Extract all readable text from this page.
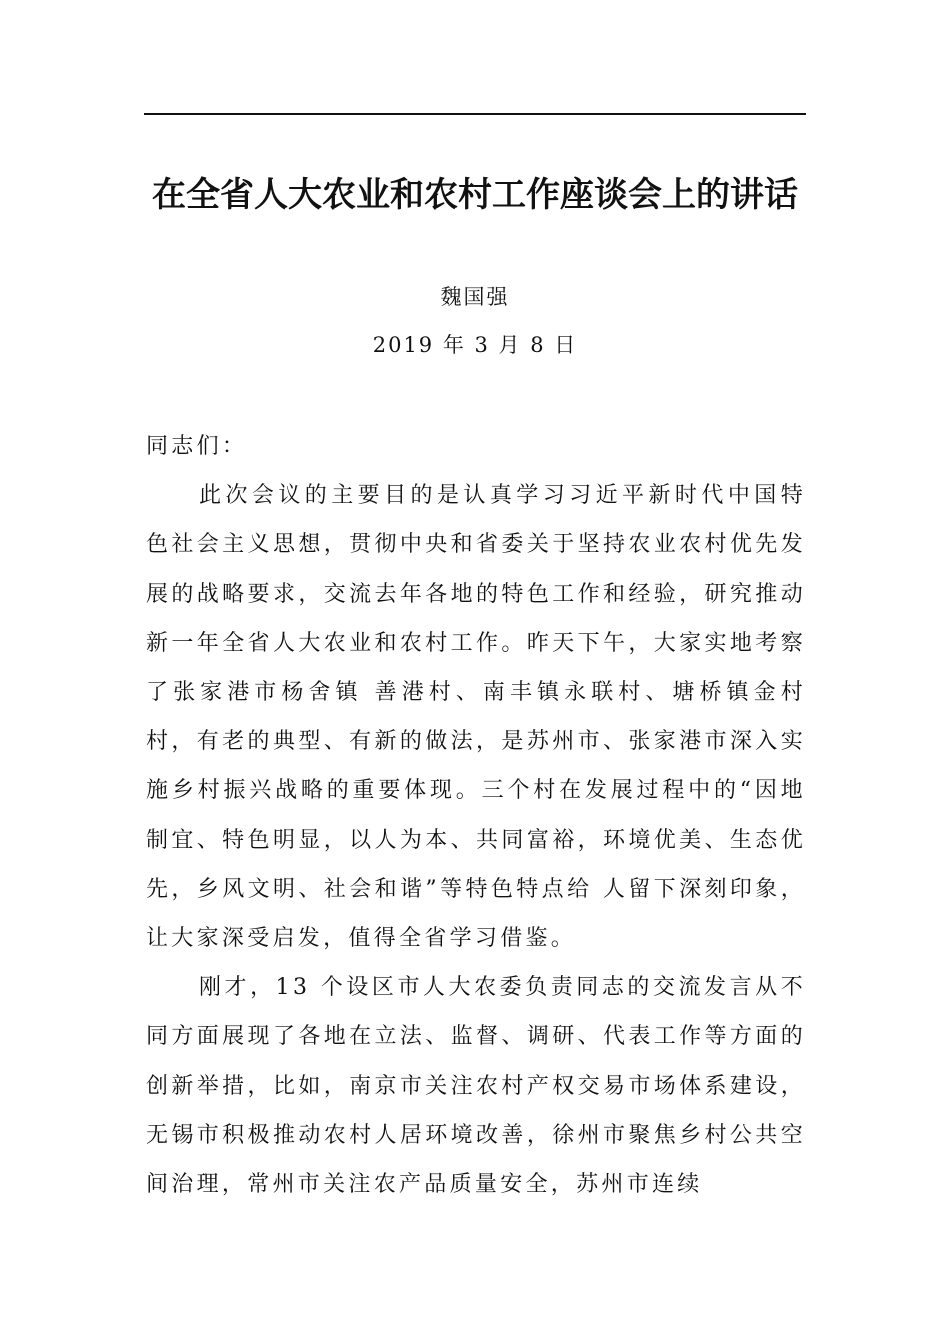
在全省人大农业和农村工作座谈会上的讲话
魏国强
2019 年 3 月 8 日

同志们：

此次会议的主要目的是认真学习习近平新时代中国特色社会主义思想，贯彻中央和省委关于坚持农业农村优先发展的战略要求，交流去年各地的特色工作和经验，研究推动新一年全省人大农业和农村工作。昨天下午，大家实地考察了张家港市杨舍镇 善港村、南丰镇永联村、塘桥镇金村村，有老的典型、有新的做法，是苏州市、张家港市深入实施乡村振兴战略的重要体现。三个村在发展过程中的“因地制宜、特色明显，以人为本、共同富裕，环境优美、生态优先，乡风文明、社会和谐”等特色特点给 人留下深刻印象，让大家深受启发，值得全省学习借鉴。

刚才，13 个设区市人大农委负责同志的交流发言从不同方面展现了各地在立法、监督、调研、代表工作等方面的创新举措，比如，南京市关注农村产权交易市场体系建设，无锡市积极推动农村人居环境改善，徐州市聚焦乡村公共空间治理，常州市关注农产品质量安全，苏州市连续
